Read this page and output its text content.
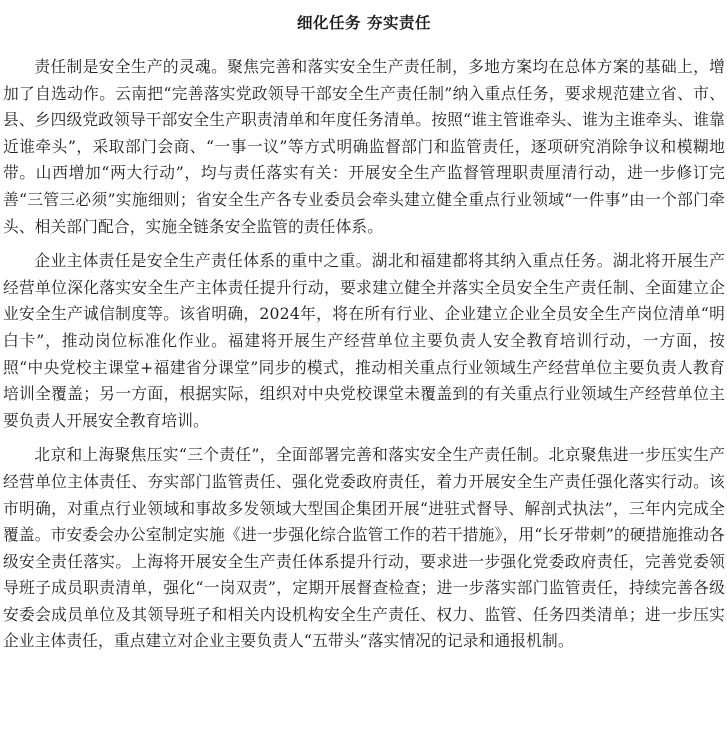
细化任务 夯实责任

责任制是安全生产的灵魂。聚焦完善和落实安全生产责任制，多地方案均在总体方案的基础上，增加了自选动作。云南把“完善落实党政领导干部安全生产责任制”纳入重点任务，要求规范建立省、市、县、乡四级党政领导干部安全生产职责清单和年度任务清单。按照“谁主管谁牵头、谁为主谁牵头、谁靠近谁牵头”，采取部门会商、“一事一议”等方式明确监督部门和监管责任，逐项研究消除争议和模糊地带。山西增加“两大行动”，均与责任落实有关：开展安全生产监督管理职责厘清行动，进一步修订完善“三管三必须”实施细则；省安全生产各专业委员会牵头建立健全重点行业领域“一件事”由一个部门牵头、相关部门配合，实施全链条安全监管的责任体系。

企业主体责任是安全生产责任体系的重中之重。湖北和福建都将其纳入重点任务。湖北将开展生产经营单位深化落实安全生产主体责任提升行动，要求建立健全并落实全员安全生产责任制、全面建立企业安全生产诚信制度等。该省明确，2024年，将在所有行业、企业建立企业全员安全生产岗位清单“明白卡”，推动岗位标准化作业。福建将开展生产经营单位主要负责人安全教育培训行动，一方面，按照“中央党校主课堂+福建省分课堂”同步的模式，推动相关重点行业领域生产经营单位主要负责人教育培训全覆盖；另一方面，根据实际，组织对中央党校课堂未覆盖到的有关重点行业领域生产经营单位主要负责人开展安全教育培训。

北京和上海聚焦压实“三个责任”，全面部署完善和落实安全生产责任制。北京聚焦进一步压实生产经营单位主体责任、夯实部门监管责任、强化党委政府责任，着力开展安全生产责任强化落实行动。该市明确，对重点行业领域和事故多发领域大型国企集团开展“进驻式督导、解剖式执法”，三年内完成全覆盖。市安委会办公室制定实施《进一步强化综合监管工作的若干措施》，用“长牙带刺”的硬措施推动各级安全责任落实。上海将开展安全生产责任体系提升行动，要求进一步强化党委政府责任，完善党委领导班子成员职责清单，强化“一岗双责”，定期开展督查检查；进一步落实部门监管责任，持续完善各级安委会成员单位及其领导班子和相关内设机构安全生产责任、权力、监管、任务四类清单；进一步压实企业主体责任，重点建立对企业主要负责人“五带头”落实情况的记录和通报机制。
